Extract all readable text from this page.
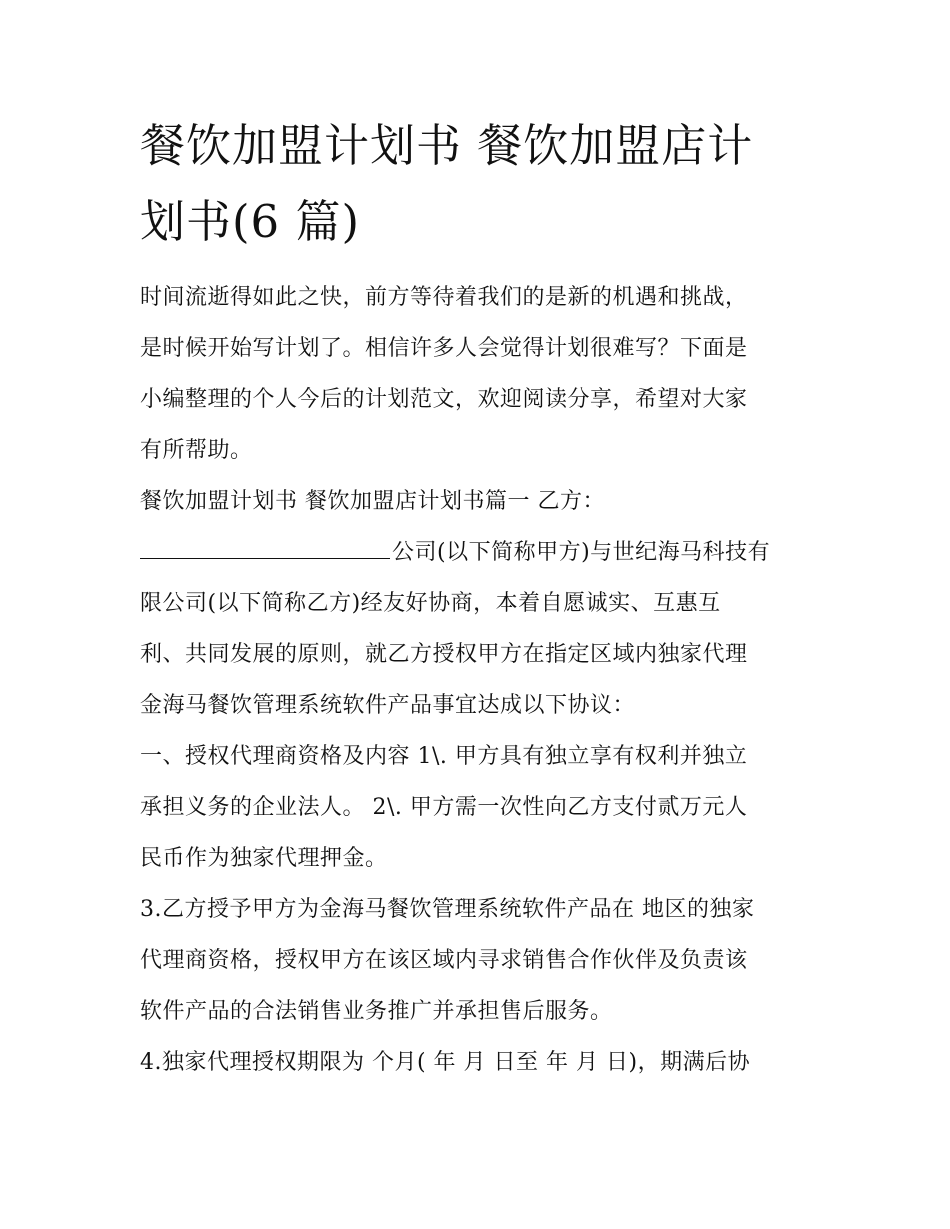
餐饮加盟计划书 餐饮加盟店计
划书(6 篇)

时间流逝得如此之快，前方等待着我们的是新的机遇和挑战，
是时候开始写计划了。相信许多人会觉得计划很难写？下面是
小编整理的个人今后的计划范文，欢迎阅读分享，希望对大家
有所帮助。

餐饮加盟计划书 餐饮加盟店计划书篇一 乙方：

公司(以下简称甲方)与世纪海马科技有
限公司(以下简称乙方)经友好协商，本着自愿诚实、互惠互
利、共同发展的原则，就乙方授权甲方在指定区域内独家代理
金海马餐饮管理系统软件产品事宜达成以下协议：

一、授权代理商资格及内容 1\. 甲方具有独立享有权利并独立
承担义务的企业法人。 2\. 甲方需一次性向乙方支付贰万元人
民币作为独家代理押金。

3.乙方授予甲方为金海马餐饮管理系统软件产品在 地区的独家
代理商资格，授权甲方在该区域内寻求销售合作伙伴及负责该
软件产品的合法销售业务推广并承担售后服务。

4.独家代理授权期限为 个月( 年 月 日至 年 月 日)，期满后协
